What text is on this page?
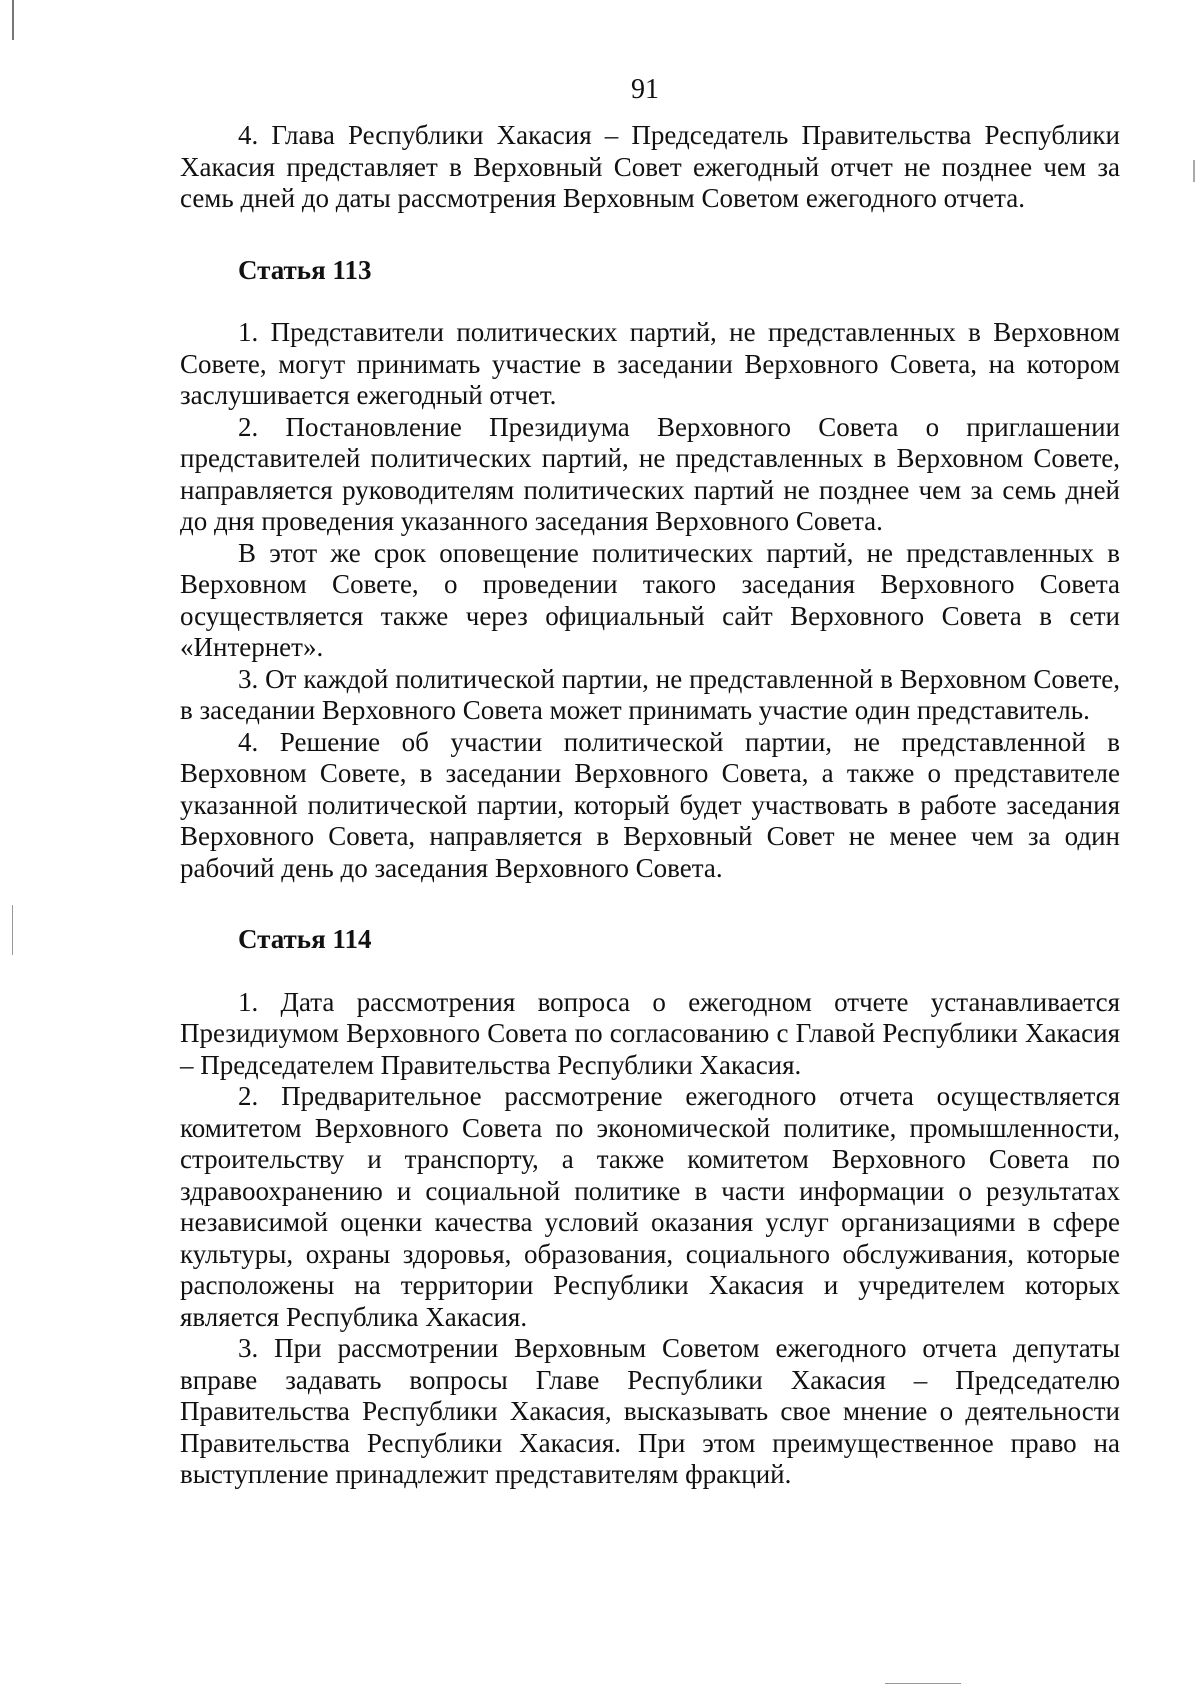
91

4. Глава Республики Хакасия – Председатель Правительства Республики Хакасия представляет в Верховный Совет ежегодный отчет не позднее чем за семь дней до даты рассмотрения Верховным Советом ежегодного отчета.

Статья 113

1. Представители политических партий, не представленных в Верховном Совете, могут принимать участие в заседании Верховного Совета, на котором заслушивается ежегодный отчет.

2. Постановление Президиума Верховного Совета о приглашении представителей политических партий, не представленных в Верховном Совете, направляется руководителям политических партий не позднее чем за семь дней до дня проведения указанного заседания Верховного Совета.

В этот же срок оповещение политических партий, не представленных в Верховном Совете, о проведении такого заседания Верховного Совета осуществляется также через официальный сайт Верховного Совета в сети «Интернет».

3. От каждой политической партии, не представленной в Верховном Совете, в заседании Верховного Совета может принимать участие один представитель.

4. Решение об участии политической партии, не представленной в Верховном Совете, в заседании Верховного Совета, а также о представителе указанной политической партии, который будет участвовать в работе заседания Верховного Совета, направляется в Верховный Совет не менее чем за один рабочий день до заседания Верховного Совета.

Статья 114

1. Дата рассмотрения вопроса о ежегодном отчете устанавливается Президиумом Верховного Совета по согласованию с Главой Республики Хакасия – Председателем Правительства Республики Хакасия.

2. Предварительное рассмотрение ежегодного отчета осуществляется комитетом Верховного Совета по экономической политике, промышленности, строительству и транспорту, а также комитетом Верховного Совета по здравоохранению и социальной политике в части информации о результатах независимой оценки качества условий оказания услуг организациями в сфере культуры, охраны здоровья, образования, социального обслуживания, которые расположены на территории Республики Хакасия и учредителем которых является Республика Хакасия.

3. При рассмотрении Верховным Советом ежегодного отчета депутаты вправе задавать вопросы Главе Республики Хакасия – Председателю Правительства Республики Хакасия, высказывать свое мнение о деятельности Правительства Республики Хакасия. При этом преимущественное право на выступление принадлежит представителям фракций.
